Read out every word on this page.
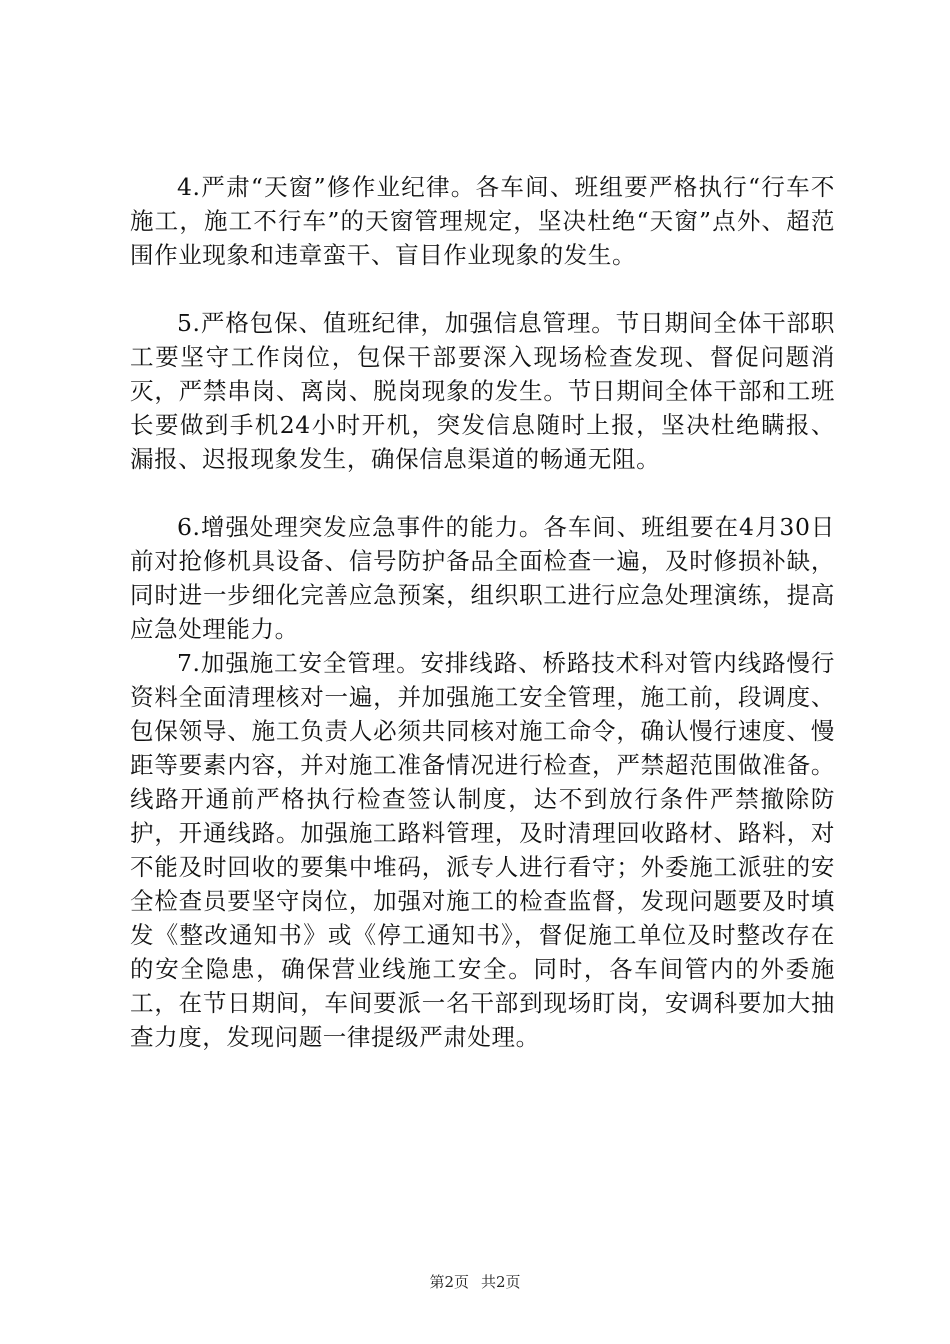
4.严肃“天窗”修作业纪律。各车间、班组要严格执行“行车不施工，施工不行车”的天窗管理规定，坚决杜绝“天窗”点外、超范围作业现象和违章蛮干、盲目作业现象的发生。

5.严格包保、值班纪律，加强信息管理。节日期间全体干部职工要坚守工作岗位，包保干部要深入现场检查发现、督促问题消灭，严禁串岗、离岗、脱岗现象的发生。节日期间全体干部和工班长要做到手机24小时开机，突发信息随时上报，坚决杜绝瞒报、漏报、迟报现象发生，确保信息渠道的畅通无阻。

6.增强处理突发应急事件的能力。各车间、班组要在4月30日前对抢修机具设备、信号防护备品全面检查一遍，及时修损补缺，同时进一步细化完善应急预案，组织职工进行应急处理演练，提高应急处理能力。

7.加强施工安全管理。安排线路、桥路技术科对管内线路慢行资料全面清理核对一遍，并加强施工安全管理，施工前，段调度、包保领导、施工负责人必须共同核对施工命令，确认慢行速度、慢距等要素内容，并对施工准备情况进行检查，严禁超范围做准备。线路开通前严格执行检查签认制度，达不到放行条件严禁撤除防护，开通线路。加强施工路料管理，及时清理回收路材、路料，对不能及时回收的要集中堆码，派专人进行看守；外委施工派驻的安全检查员要坚守岗位，加强对施工的检查监督，发现问题要及时填发《整改通知书》或《停工通知书》，督促施工单位及时整改存在的安全隐患，确保营业线施工安全。同时，各车间管内的外委施工，在节日期间，车间要派一名干部到现场盯岗，安调科要加大抽查力度，发现问题一律提级严肃处理。

第2页 共2页
